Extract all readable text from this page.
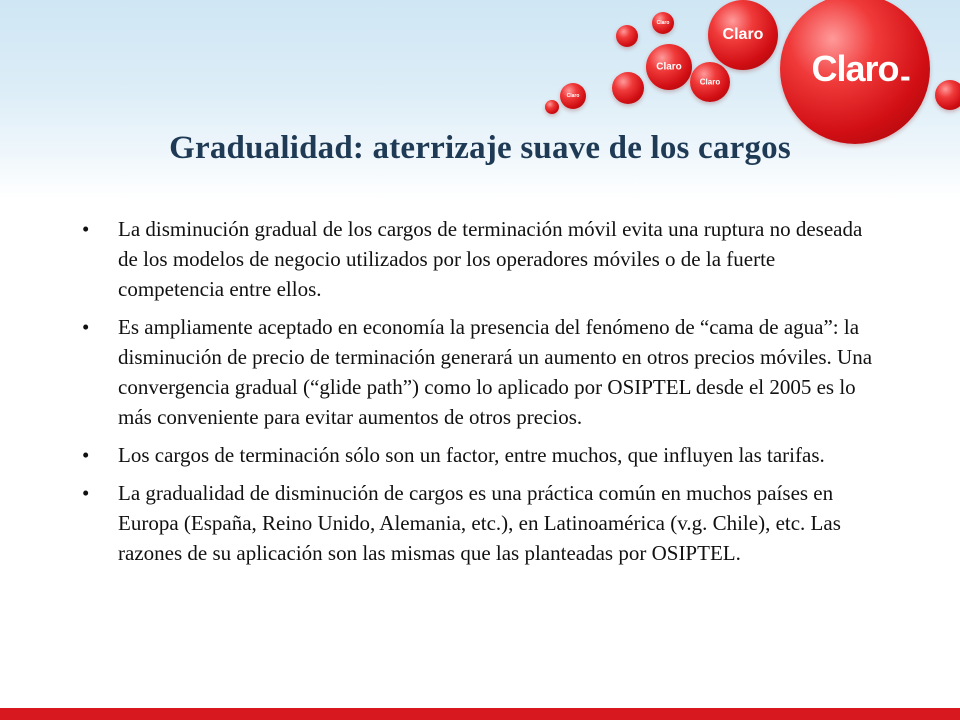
Claro
Claro
Claro
Claro
Claro
Claro -
Gradualidad: aterrizaje suave de los cargos
• La disminución gradual de los cargos de terminación móvil evita una ruptura no deseada de los modelos de negocio utilizados por los operadores móviles o de la fuerte competencia entre ellos.
• Es ampliamente aceptado en economía la presencia del fenómeno de “cama de agua”: la disminución de precio de terminación generará un aumento en otros precios móviles. Una convergencia gradual (“glide path”) como lo aplicado por OSIPTEL desde el 2005 es lo más conveniente para evitar aumentos de otros precios.
• Los cargos de terminación sólo son un factor, entre muchos, que influyen las tarifas.
• La gradualidad de disminución de cargos es una práctica común en muchos países en Europa (España, Reino Unido, Alemania, etc.), en Latinoamérica (v.g. Chile), etc. Las razones de su aplicación son las mismas que las planteadas por OSIPTEL.
